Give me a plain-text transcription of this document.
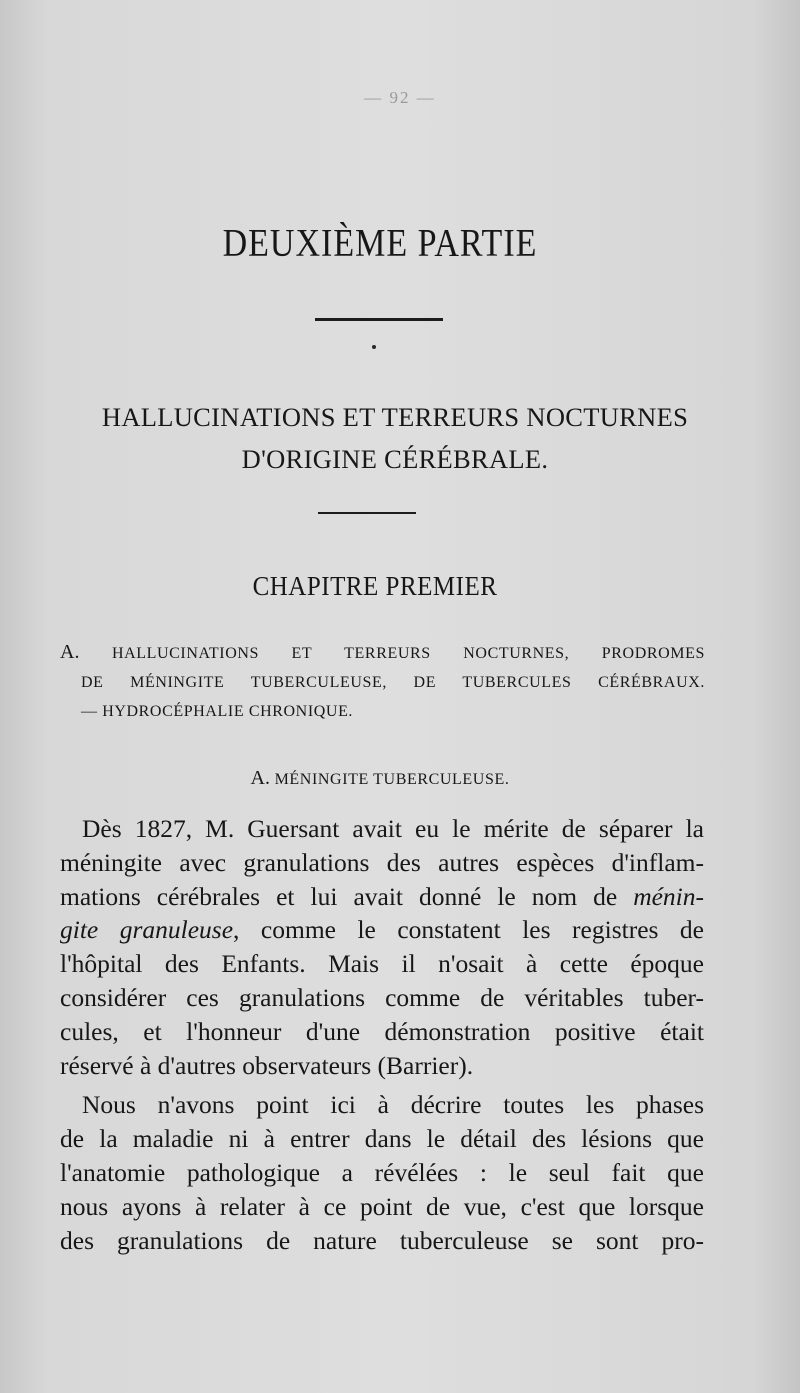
— 92 —
DEUXIÈME PARTIE
HALLUCINATIONS ET TERREURS NOCTURNES
D'ORIGINE CÉRÉBRALE.
CHAPITRE PREMIER
A. HALLUCINATIONS ET TERREURS NOCTURNES, PRODROMES
DE MÉNINGITE TUBERCULEUSE, DE TUBERCULES CÉRÉBRAUX.
— HYDROCÉPHALIE CHRONIQUE.
A. MÉNINGITE TUBERCULEUSE.
Dès 1827, M. Guersant avait eu le mérite de séparer la
méningite avec granulations des autres espèces d'inflam-
mations cérébrales et lui avait donné le nom de ménin-
gite granuleuse, comme le constatent les registres de
l'hôpital des Enfants. Mais il n'osait à cette époque
considérer ces granulations comme de véritables tuber-
cules, et l'honneur d'une démonstration positive était
réservé à d'autres observateurs (Barrier).
Nous n'avons point ici à décrire toutes les phases
de la maladie ni à entrer dans le détail des lésions que
l'anatomie pathologique a révélées : le seul fait que
nous ayons à relater à ce point de vue, c'est que lorsque
des granulations de nature tuberculeuse se sont pro-
